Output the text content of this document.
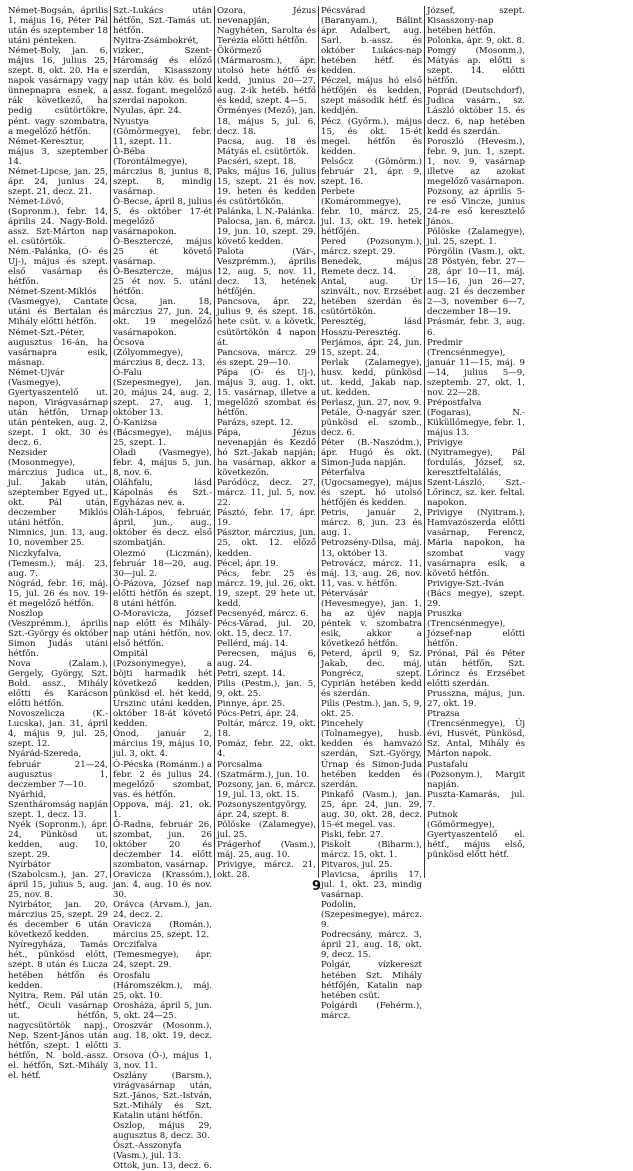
Német-Bogsán, április 1, május 16, Péter Pál után és szeptember 18 utáni pénteken.

Német-Boly, jan. 6, május 16, julius 25, szept. 8, okt. 20. Ha e napok vasárnapy vagy ünnepnapra esnek, a rák következő, ha pedig csütörtökre, pént. vagy szombatra, a megelőző hétfőn.

Német-Keresztur, május 3, szeptember 14.

Német-Lipcse, jan. 25, ápr. 24, junius 24, szept. 21, decz. 21.

Német-Lövő, (Sopronm.), febr. 14, április 24. Nagy-Bold. assz. Szt-Márton nap el. csütörtök.

Ném.-Palánka, (Ó- és Uj-), május és szept. első vasárnap és hétfőn.

Német-Szent-Miklós (Vasmegye), Cantate utáni és Bertalan és Mihály előtti hétfőn.

Német-Szt.-Péter, augusztus 16-án, ha vasárnapra esik, másnap.

Német-Ujvár (Vasmegye), Gyertyaszentelő ut. napon, Virágvasárnap után hétfőn, Urnap után pénteken, aug. 2, szept. 1 okt. 30 és decz. 6.

Nezsider (Mosonmegye), márczius Judica ut., jul. Jakab után, szeptember Egyed ut., okt. Pál után, deczember Miklós utáni hétfőn.

Nimnics, jun. 13, aug. 10, november 25.

Niczkyfalva, (Temesm.), máj. 23, aug. 7.

Nógrád, febr. 16, máj. 15, jul. 26 és nov. 19-ét megelőző hétfőn.

Noszlop (Veszprémm.), április Szt.-György és október Simon Judás utáni hétfőn.

Nova (Zalam.), Gergely, György, Szt. Bold. assz., Mihály előtti és Karácson előtti hétfőn.

Novoszelicza (K.-Lucska), jan. 31, ápril 4, május 9, jul. 25, szept. 12.

Nyárád-Szereda, február 21—24, augusztus 1, deczember 7—10.

Nyárhid, Szentháromság napján szept. 1, decz. 13.

Nyék (Sopronm.), ápr. 24, Pünkösd ut. kedden, aug. 10, szept. 29.

Nyírbátor (Szabolcsm.), jan. 27, ápril 15, julius 5, aug. 25, nov. 8.

Nyirbátor, jan. 20, márczius 25, szept. 29 és december 6 után következő kedden.

Nyíregyháza, Tamás hét., pünkösd előtt, szept. 8 után és Lucza hetében hétfőn és kedden.

Nyitra, Rem. Pál után hétf., Oculi vasárnap ut. hétfőn, nagycsütörtök napj., Nep. Szent-János után hétfőn, szept. 1 előtti hétfőn, N. bold.-assz. el. hétfőn, Szt.-Mihály el. hétf.

Szt.-Lukács után hétfőn, Szt.-Tamás ut. hétfőn.

Nyitra-Zsámbokrét, vizker., Szent-Háromság és előző szerdán, Kisasszony nap után köv. és bold assz. fogant. megelőző szerdai napokon.

Nyulas, ápr. 24.

Nyustya (Gömörmegye), febr. 11, szept. 11.

Ó-Béba (Torontálmegye), márczius 8, junius 8, szept. 8, mindig vasárnap.

Ó-Becse, ápril 8, julius 5, és október 17-ét megelőző vasárnapokon.

Ó-Beszterczé, május 25 ét követő vasárnap.

Ó-Besztercze, május 25 ét nov. 5. utáni hétfőn.

Ócsa, jan. 18, márczius 27, jun. 24, okt. 19 megelőző vasárnapokon.

Ócsova (Zólyommegye), márczius 8, decz. 13.

Ó-Falu (Szepesmegye), jan. 20, május 24, aug. 2, szept. 27, aug. 1, október 13.

Ó-Kanizsa (Bácsmegye), május 25, szept. 1.

Oladi (Vasmegye), febr. 4, május 5, jun. 8, nov. 6.

Oláhfalu, lásd Kápolnás és Szt.-Egyházas nev. a.

Oláh-Lápos, február, ápril, jun., aug., október és decz. első szombatján.

Olezmó (Liczmán), február 18—20, aug. 30—jul. 2.

Ó-Pázova, József nap előtti hétfőn és szept. 8 utáni hétfőn.

O-Moravicza, József nap előtt és Mihály-nap utáni hétfőn, nov. első hétfőn.

Ompitál (Pozsonymegye), a böjti harmadik hét következő kedden, pünkösd el. hét kedd, Urszinc utáni kedden, október 18-át követő kedden.

Ónod, január 2, március 19, május 10, jul. 3, okt. 4.

Ó-Pécska (Románm.) a febr. 2 és julius 24. megelőző szombat, vas. és hétfőn.

Oppova, máj. 21, ok. 1.

Ó-Radna, február 26, szombat, jun. 26 október 20 és deczember 14. előtt szombaton, vasárnap.

Oravicza (Krassóm.), jan. 4, aug. 10 és nov. 30.

Orávca (Árvam.), jan. 24, decz. 2.

Oravicza (Román.), március 25, szept. 12.

Orczifalva (Temesmegye), ápr. 24, szept. 29.

Orosfalu (Háromszékm.), máj. 25, okt. 10.

Orosháza, ápril 5, jun. 5, okt. 24—25.

Oroszvár (Mosonm.), aug. 18, okt. 19, decz. 3.

Orsova (Ó-), május 1, 3, nov. 11.

Oszlány (Barsm.), virágvasárnap után, Szt.-János, Szt.-István, Szt.-Mihály és Szt. Katalin utáni hétfőn.

Oszlop, május 29, augusztus 8, decz. 30.

Ószt.-Asszonyfa (Vasm.), jul. 13.

Ottok, jun. 13, decz. 6.

Ozora, Jézus nevenapján, Nagyhéten, Sarolta és Terézia előtti hétfőn.

Ökörmező (Mármarosm.), ápr. utolsó hete hétfő és kedd, junius 20—27, aug. 2-ik hetéb. hétfő és kedd, szept. 4—5.

Örményes (Mező), jan. 18, május 5, jul. 6, decz. 18.

Pacsa, aug. 18 és Mátyás el. csütörtök.

Pacséri, szept. 18.

Paks, május 16, julius 15, szept. 21 és nov. 19. heten és kedden és csütörtökön.

Palánka, l. N.-Palánka.

Palocsa, jan. 6, márcz. 19, jun. 10, szept. 29. követő kedden.

Palota (Vár-, Veszprémm.), április 12, aug. 5, nov. 11, decz. 13, hetének hétfőjén.

Pancsova, ápr. 22, julius 9, és szept. 18. hete csüt. v. a követk. csütörtökön 4 napon át.

Pancsova, márcz. 29 és szept. 29—10.

Pápa (Ó- és Uj-), május 3, aug. 1, okt. 15. vasárnap, illetve a megelőző szombat és hétfőn.

Parázs, szept. 12.

Pápa, Jézus nevenapján és Kezdő hó Szt.-Jakab napján; ha vasárnap, akkor a következőn.

Paródócz, decz. 27, márcz. 11, jul. 5, nov. 22.

Pásztó, febr. 17, ápr. 19.

Pásztor, márczius, jun. 25, okt. 12. előző kedden.

Pécel, ápr. 19.

Pécs, febr. 25 és márcz. 19, jul. 26, okt. 19, szept. 29 hete ut. kedd.

Pecsenyéd, márcz. 6.

Pécs-Várad, jul. 20, okt. 15, decz. 17.

Pellérd, máj. 14.

Perecsen, május 6, aug. 24.

Petri, szept. 14.

Pilis (Pestm.), jan. 5, 9, okt. 25.

Pinnye, ápr. 25.

Pócs-Petri, ápr. 24.

Poltár, márcz. 19, okt. 18.

Pomáz, febr. 22, okt. 4.

Porcsalma (Szatmárm.), jun. 10.

Pozsony, jan. 6, márcz. 19, jul. 13, okt. 15.

Pozsonyszentgyörgy, ápr. 24, szept. 8.

Pölöske (Zalamegye), jul. 25.

Prágerhof (Vasm.), máj. 25, aug. 10.

Privigye, márcz. 21, okt. 28.

Pécsvárad (Baranyam.), Bálint ápr. Adalbert, aug. Sarl. b.-assz. és október Lukács-nap hetében hétf. és kedden.

Péczel, május hó első hétfőjén és kedden, szept második hétf. és keddjén.

Pécz (Győrm.), május 15, és okt. 15-ét megel. hétfőn és kedden.

Pelsőcz (Gömörm.) február 21, ápr. 9, szept. 16.

Perbete (Komárommegye), febr. 10, márcz. 25, jul. 13, okt. 19. hetek hétfőjén.

Pered (Pozsonym.), márcz. szept. 29.

Benedek, május Remete decz. 14.

Antal, aug. Úr szinvált., nov. Erzsébet hetében szerdán és csütörtökön.

Peresztég, lásd Hosszu-Peresztég.

Perjámos, ápr. 24, jun. 15, szept. 24.

Perlak (Zalamegye), husv. kedd, pünkösd ut. kedd, Jakab nap. ut. kedden.

Perlasz, jun. 27, nov. 9.

Petále, Ö-nagyár szer. pünkösd el. szomb., decz. 6.

Péter (B.-Naszódm.), ápr. Hugó és okt. Simon-Juda napján.

Péterfalva (Ugocsamegye), május és szept. hó utolsó hétfőjén és kedden.

Petris, január 2, márcz. 8, jun. 23 és aug. 1.

Petrozsény-Dilsa, máj. 13, október 13.

Petrovácz, márcz. 11, máj. 13, aug. 26, nov. 11, vas. v. hétfőn.

Pétervásár (Hevesmegye), jan. 1, ha az újév napja péntek v. szombatra esik, akkor a következő hétfőn.

Peterd, ápril 9, Sz. Jakab, dec. máj, Pongrécz, szept. Cyprián hetében kedd és szerdán.

Pilis (Pestm.), jan. 5, 9, okt. 25.

Pincehely (Tolnamegye), husb. kedden és hamvazó szerdán, Szt.-György, Úrnap és Simon-Juda hetében kedden és szerdán.

Pinkafő (Vasm.), jan. 25, ápr. 24, jun. 29, aug. 30, okt. 28, decz. 15-ét megel. vas.

Piski, febr. 27.

Piskolt (Biharm.), márcz. 15, okt. 1.

Pitvaros, jul. 25.

Plavicsa, április 17, jul. 1, okt. 23, mindig vasárnap.

Podolin, (Szepesmegye), márcz. 9.

Podrecsány, márcz. 3, ápril 21, aug. 18, okt. 9, decz. 15.

Polgár, vízkereszt hetében Szt. Mihály hétfőjén, Katalin nap hetében csüt.

Polgárdi (Fehérm.), márcz.

József, szept. Kisasszony-nap hetében hétfőn.

Polonka, ápr. 9, okt. 8.

Pomgy (Mosonm.), Mátyás ap. előtti s szept. 14. előtti hétfőn.

Poprád (Deutschdorf), Judica vasárn., sz. László október 15. és decz. 6, nap hetében kedd és szerdán.

Poroszló (Hevesm.), febr. 9, jun. 1, szept. 1, nov. 9, vasárnap illetve az azokat megelőző vasárnapon.

Pozsony, az április 5-re eső Vincze, junius 24-re eső keresztelő János.

Pölöske (Zalamegye), jul. 25, szept. 1.

Pörgölin (Vasm.), okt. 28 Pöstyén, febr. 27—28, ápr 10—11, máj. 15—16, jun 26—27, aug. 21 és deczember 2—3, november 6—7, deczember 18—19.

Prásmár, febr. 3, aug. 6.

Predmir (Trencsénmegye), január 11—15, máj. 9—14, julius 5—9, szeptemb. 27, okt. 1, nov. 22—28.

Prépostfalva (Fogaras), N.-Küküllőmegye, febr. 1, május 13.

Privigye (Nyitramegye), Pál fordulás, József, sz. keresztfeltalálás, Szent-László, Szt.-Lőrincz, sz. ker. feltal. napokon.

Privigye (Nyitram.), Hamvazószerda előtti vasárnap, Ferencz, Mária napokon, ha szombat vagy vasárnapra esik, a követő hétfőn.

Privigye-Szt.-Iván (Bács megye), szept. 29.

Pruszka (Trencsénmegye), József-nap előtti hétfőn.

Prónai, Pál és Péter után hétfőn, Szt. Lőrincz és Erzsébet előtti szerdán.

Prusszna, május, jun. 27, okt. 19.

Ptrazsa (Trencsénmegye), Új évi, Husvét, Pünkösd, Sz. Antal, Mihály és Márton napok.

Pustafalu (Pozsonym.), Margit napján.

Puszta-Kamarás, jul. 7.

Putnok (Gömörmegye), Gyertyaszentelő el. hétf., május első, pünkösd előtt hétf.

9
